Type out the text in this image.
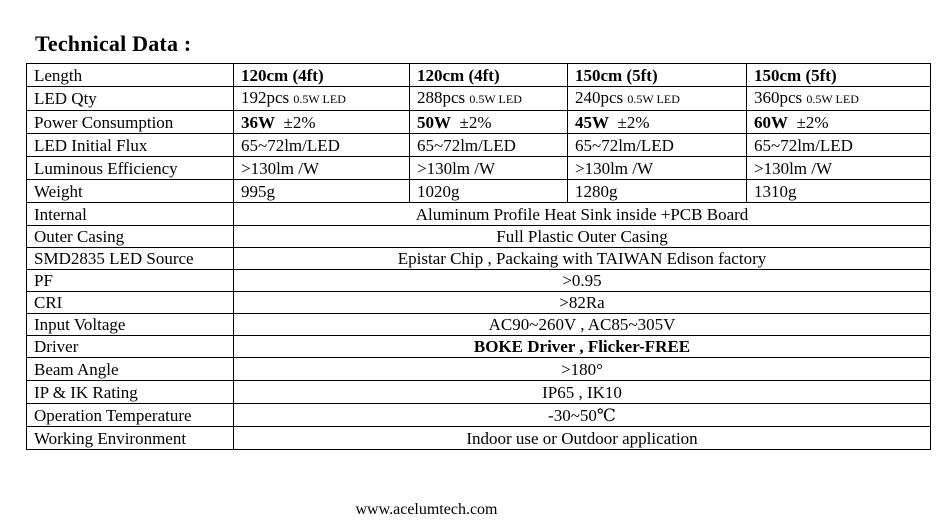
Technical Data :
Length	120cm (4ft)	120cm (4ft)	150cm (5ft)	150cm (5ft)
LED Qty	192pcs 0.5W LED	288pcs 0.5W LED	240pcs 0.5W LED	360pcs 0.5W LED
Power Consumption	36W ±2%	50W ±2%	45W ±2%	60W ±2%
LED Initial Flux	65~72lm/LED	65~72lm/LED	65~72lm/LED	65~72lm/LED
Luminous Efficiency	>130lm /W	>130lm /W	>130lm /W	>130lm /W
Weight	995g	1020g	1280g	1310g
Internal	Aluminum Profile Heat Sink inside +PCB Board			
Outer Casing	Full Plastic Outer Casing			
SMD2835 LED Source	Epistar Chip , Packaing with TAIWAN Edison factory			
PF	>0.95			
CRI	>82Ra			
Input Voltage	AC90~260V , AC85~305V			
Driver	BOKE Driver , Flicker-FREE			
Beam Angle	>180°			
IP & IK Rating	IP65 , IK10			
Operation Temperature	-30~50℃			
Working Environment	Indoor use or Outdoor application			
www.acelumtech.com
